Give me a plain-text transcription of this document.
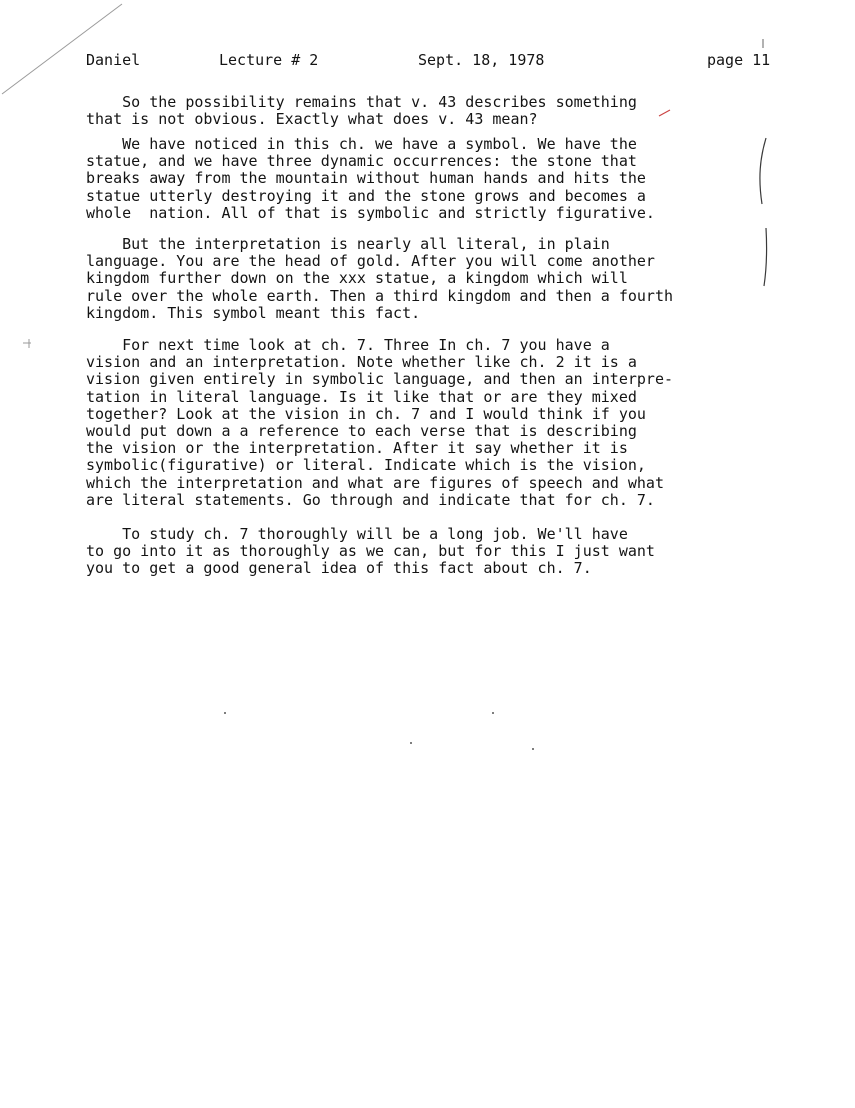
Daniel	Lecture # 2	Sept. 18, 1978	page 11
So the possibility remains that v. 43 describes something
that is not obvious. Exactly what does v. 43 mean?
We have noticed in this ch. we have a symbol. We have the
statue, and we have three dynamic occurrences: the stone that
breaks away from the mountain without human hands and hits the
statue utterly destroying it and the stone grows and becomes a
whole  nation. All of that is symbolic and strictly figurative.
But the interpretation is nearly all literal, in plain
language. You are the head of gold. After you will come another
kingdom further down on the xxx statue, a kingdom which will
rule over the whole earth. Then a third kingdom and then a fourth
kingdom. This symbol meant this fact.
For next time look at ch. 7. Three In ch. 7 you have a
vision and an interpretation. Note whether like ch. 2 it is a
vision given entirely in symbolic language, and then an interpre-
tation in literal language. Is it like that or are they mixed
together? Look at the vision in ch. 7 and I would think if you
would put down a a reference to each verse that is describing
the vision or the interpretation. After it say whether it is
symbolic(figurative) or literal. Indicate which is the vision,
which the interpretation and what are figures of speech and what
are literal statements. Go through and indicate that for ch. 7.
To study ch. 7 thoroughly will be a long job. We'll have
to go into it as thoroughly as we can, but for this I just want
you to get a good general idea of this fact about ch. 7.
